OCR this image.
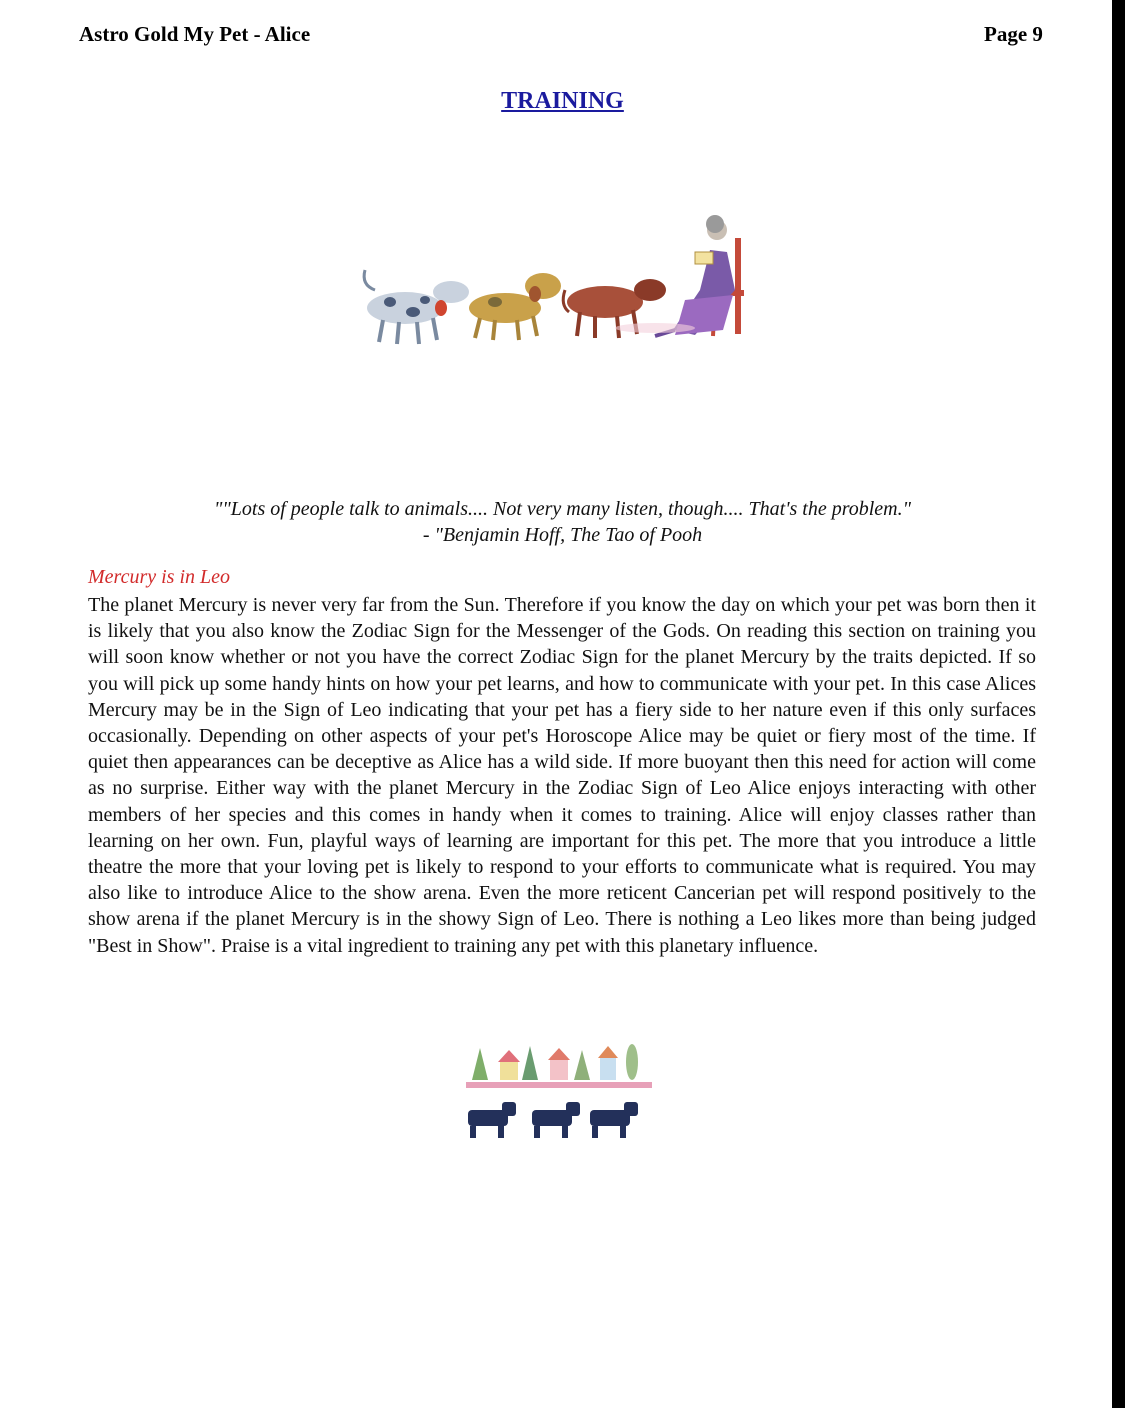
Astro Gold My Pet - Alice	Page 9
TRAINING
""Lots of people talk to animals.... Not very many listen, though.... That's the problem."
- "Benjamin Hoff, The Tao of Pooh
Mercury is in Leo
The planet Mercury is never very far from the Sun. Therefore if you know the day on which your pet was born then it is likely that you also know the Zodiac Sign for the Messenger of the Gods. On reading this section on training you will soon know whether or not you have the correct Zodiac Sign for the planet Mercury by the traits depicted. If so you will pick up some handy hints on how your pet learns, and how to communicate with your pet. In this case Alices Mercury may be in the Sign of Leo indicating that your pet has a fiery side to her nature even if this only surfaces occasionally. Depending on other aspects of your pet's Horoscope Alice may be quiet or fiery most of the time. If quiet then appearances can be deceptive as Alice has a wild side. If more buoyant then this need for action will come as no surprise. Either way with the planet Mercury in the Zodiac Sign of Leo Alice enjoys interacting with other members of her species and this comes in handy when it comes to training. Alice will enjoy classes rather than learning on her own. Fun, playful ways of learning are important for this pet. The more that you introduce a little theatre the more that your loving pet is likely to respond to your efforts to communicate what is required. You may also like to introduce Alice to the show arena. Even the more reticent Cancerian pet will respond positively to the show arena if the planet Mercury is in the showy Sign of Leo. There is nothing a Leo likes more than being judged "Best in Show". Praise is a vital ingredient to training any pet with this planetary influence.
